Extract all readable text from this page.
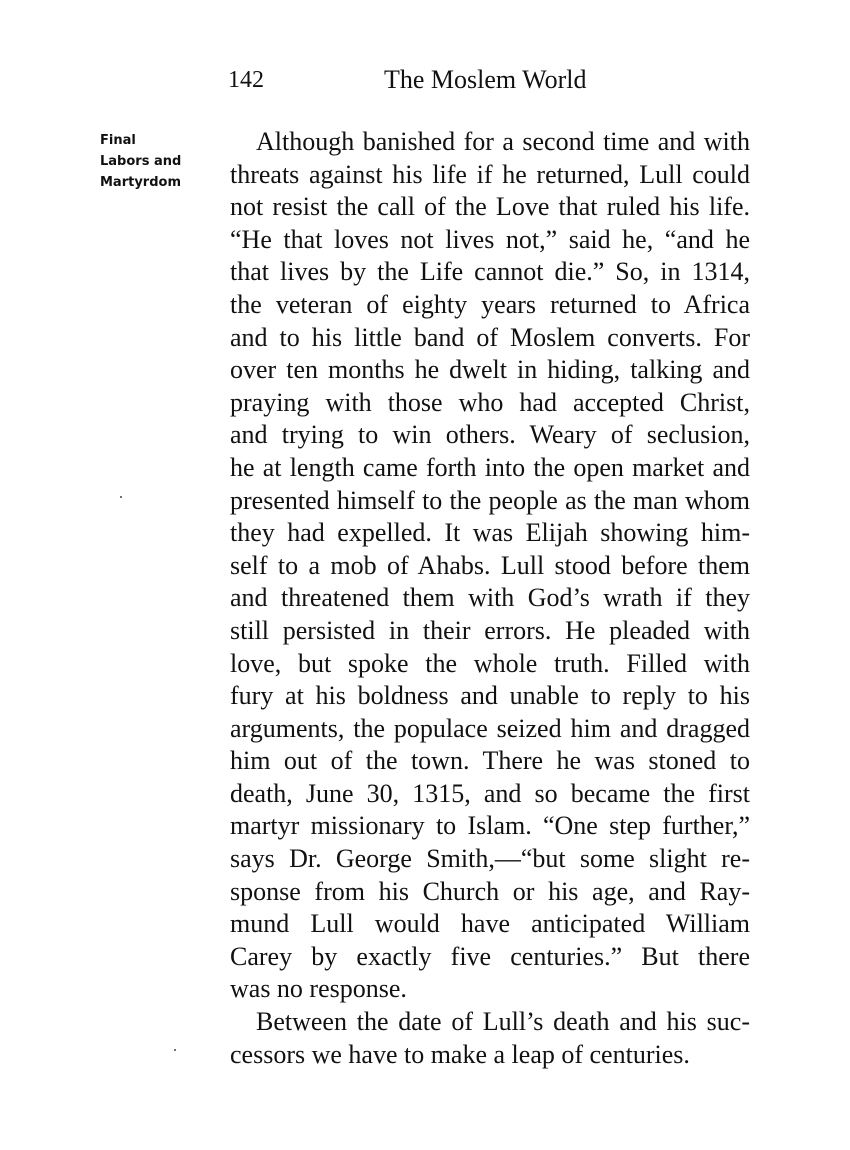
142	The Moslem World
Final
Labors and
Martyrdom
Although banished for a second time and with
threats against his life if he returned, Lull could
not resist the call of the Love that ruled his life.
“He that loves not lives not,” said he, “and he
that lives by the Life cannot die.” So, in 1314,
the veteran of eighty years returned to Africa
and to his little band of Moslem converts. For
over ten months he dwelt in hiding, talking and
praying with those who had accepted Christ,
and trying to win others. Weary of seclusion,
he at length came forth into the open market and
presented himself to the people as the man whom
they had expelled. It was Elijah showing him-
self to a mob of Ahabs. Lull stood before them
and threatened them with God’s wrath if they
still persisted in their errors. He pleaded with
love, but spoke the whole truth. Filled with
fury at his boldness and unable to reply to his
arguments, the populace seized him and dragged
him out of the town. There he was stoned to
death, June 30, 1315, and so became the first
martyr missionary to Islam. “One step further,”
says Dr. George Smith,—“but some slight re-
sponse from his Church or his age, and Ray-
mund Lull would have anticipated William
Carey by exactly five centuries.” But there
was no response.
Between the date of Lull’s death and his suc-
cessors we have to make a leap of centuries.
